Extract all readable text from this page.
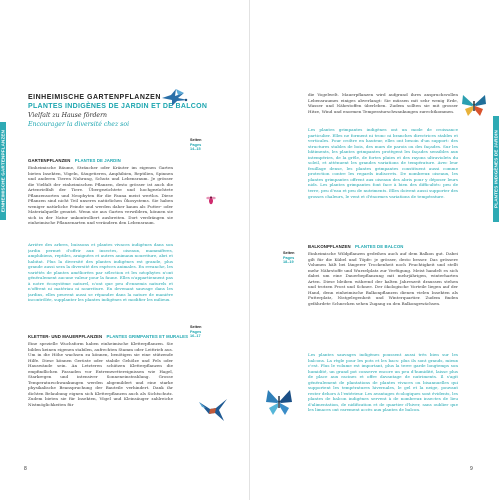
EINHEIMISCHE GARTENPFLANZEN
EINHEIMISCHE GARTENPFLANZEN
PLANTES INDIGÈNES DE JARDIN ET DE BALCON
Vielfalt zu Hause fördern
Encourager la diversité chez soi
GARTENPFLANZEN PLANTES DE JARDIN
Einheimische Bäume, Sträucher oder Kräuter im eigenen Garten bieten Insekten, Vögeln, Säugetieren, Amphibien, Reptilien, Spinnen und anderen Tieren Nahrung, Schutz und Lebensraum. Je grösser die Vielfalt der einheimischen Pflanzen, desto grösser ist auch die Artenvielfalt der Tiere. Übergezüchtete und hochgezüchtete Pflanzensorten und Neophyten für die Fauna meist wertlos. Diese Pflanzen sind nicht Teil unseres natürlichen Ökosystems. Sie haben weniger natürliche Feinde und werden daher kaum als Futter- oder Materialquelle genutzt. Wenn sie aus Garten verwildern, können sie sich in der Natur unkontrolliert ausbreiten. Dort verdrängen sie einheimische Pflanzenarten und verändern den Lebensraum.
Arrière des arbres, buissons et plantes vivaces indigènes dans son jardin permet d'offrir aux insectes, oiseaux, mammifères, amphibiens, reptiles, araignées et autres animaux nourriture, abri et habitat. Plus la diversité des plantes indigènes est grande, plus grande aussi sera la diversité des espèces animales. En revanche, les variétés de plantes améliorées par sélection et les néophytes n'ont généralement aucune valeur pour la faune. Elles n'appartiennent pas à notre écosystème naturel, n'ont que peu d'ennemis naturels et n'offrent ni matériau ni nourriture. En devenant sauvage dans les jardins, elles peuvent aussi se répandre dans la nature de manière incontrôlée, supplanter les plantes indigènes et modifier les milieux.
Seiten
Pages
14–15
KLETTER- UND MAUERPFLANZEN PLANTES GRIMPANTES ET MURALES
Eine spezielle Wuchsform haben einheimische Kletterpflanzen. Sie bilden keinen eigenen stabilen, aufrechten Stamm oder Leittrieb aus. Um in die Höhe wachsen zu können, benötigen sie eine stützende Hilfe. Diese können Gerüste oder stabile Gehölze und Fels oder Hauswände sein. An Letzteren schützen Kletterpflanzen die empfindlichen Fassaden vor Extremwettereignissen wie Hagel, Starkregen und intensiver Sonneneinstrahlung. Grosse Temperaturschwankungen werden abgemildert und eine starke physikalische Beanspruchung der Bauteile verhindert. Dank ihr dichten Belaubung eignen sich Kletterpflanzen auch als Sichtschutz. Zudem bieten sie für Insekten, Vögel und Kleinsäuger zahlreiche Nistmöglichkeiten für
Seiten
Pages
16–17
8
PLANTES INDIGÈNES DE JARDIN
die Vogelwelt. Mauerpflanzen wird aufgrund ihres anspruchsvollen Lebensraumes einiges abverlangt: Sie müssen mit sehr wenig Erde, Wasser und Nährstoffen überleben. Zudem sollten sie mit grosser Hitze, Wind und enormen Temperaturschwankungen zurechtkommen.
Les plantes grimpantes indigènes ont un mode de croissance particulier. Elles ne forment ni tronc ni branches directrices stables et verticales. Pour croître en hauteur, elles ont besoin d'un support: des structures stables de bois, des murs de parois ou des façades. Sur les bâtiments, les plantes grimpantes protègent les façades sensibles aux intempéries, de la grêle, de fortes pluies et des rayons ultraviolets du soleil, et atténuent les grandes variations de température. Avec leur feuillage dense, les plantes grimpantes constituent aussi comme protection contre les regards indiscrets. De nombreux oiseaux, les plantes grimpantes offrent aux oiseaux des abris pour y déposer leurs nids. Les plantes grimpantes font face à bien des difficultés: peu de terre, peu d'eau et peu de nutriments. Elles doivent aussi supporter des grosses chaleurs, le vent et d'énormes variations de température.
Seiten
Pages
18–19
BALKONPFLANZEN PLANTES DE BALCON
Einheimische Wildpflanzen gedeihen auch auf dem Balkon gut. Dabei gilt für die Kübel und Töpfe: je grösser, desto besser. Das grössere Volumen hält bei längerer Trockenheit noch Feuchtigkeit und stellt mehr Nährstoffe und Wurzelplatz zur Verfügung. Meist handelt es sich dabei um eine Dauerbepflanzung mit mehrjährigen, winterharten Arten. Diese bleiben während der kalten Jahreszeit draussen stehen und trotzen Frost und Schnee. Der ökologische Vorteile liegen auf der Hand, denn einheimische Balkonpflanzen dienen vielen Insekten als Futterplatz, Nistgelegenheit und Winterquartier. Zudem finden gefährdete Schnecken sehen Zugang zu den Balkongewächsen.
Les plantes sauvages indigènes poussent aussi très bien sur les balcons. La règle pour les pots et les bacs: plus ils sont grands, mieux c'est. Plus le volume est important, plus la terre garde longtemps son humidité, un grand pot conserve encore un peu d'humidité, laisse plus de place aux racines et offre davantage de nutriments. Il s'agit généralement de plantations de plantes vivaces ou bisannuelles qui supportent les températures hivernales, le gel et la neige, pouvant rester dehors à l'extérieur. Les avantages écologiques sont évidents, les plantes de balcon indigènes servent à de nombreux insectes de lieu d'alimentation, de nidification et de quartier d'hiver, sans oublier que les limaces ont rarement accès aux plantes de balcon.
9
